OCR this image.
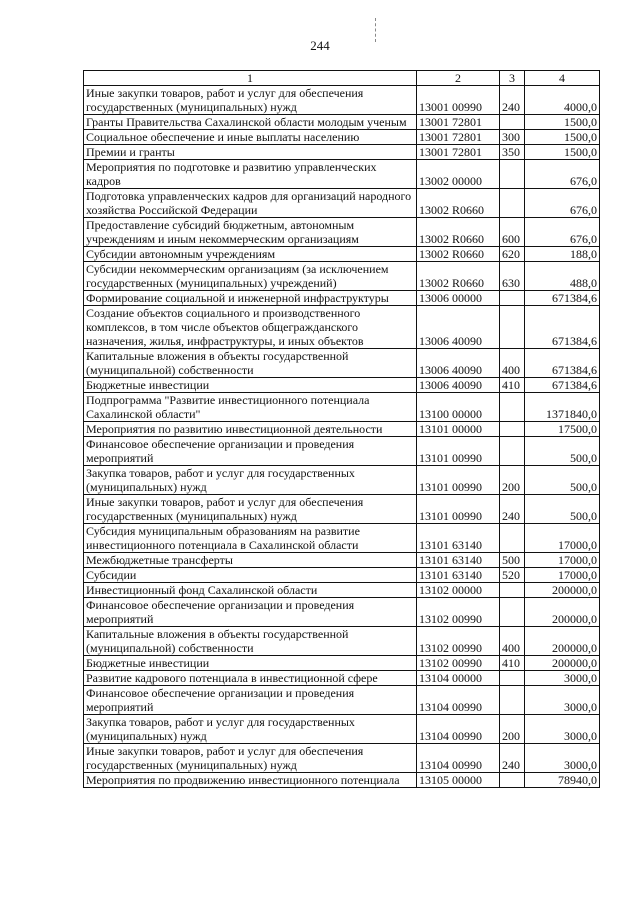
244
1	2	3	4
Иные закупки товаров, работ и услуг для обеспечения государственных (муниципальных) нужд	13001 00990	240	4000,0
Гранты Правительства Сахалинской области молодым ученым	13001 72801		1500,0
Социальное обеспечение и иные выплаты населению	13001 72801	300	1500,0
Премии и гранты	13001 72801	350	1500,0
Мероприятия по подготовке и развитию управленческих кадров	13002 00000		676,0
Подготовка управленческих кадров для организаций народного хозяйства Российской Федерации	13002 R0660		676,0
Предоставление субсидий бюджетным, автономным учреждениям и иным некоммерческим организациям	13002 R0660	600	676,0
Субсидии автономным учреждениям	13002 R0660	620	188,0
Субсидии некоммерческим организациям (за исключением государственных (муниципальных) учреждений)	13002 R0660	630	488,0
Формирование социальной и инженерной инфраструктуры	13006 00000		671384,6
Создание объектов социального и производственного комплексов, в том числе объектов общегражданского назначения, жилья, инфраструктуры, и иных объектов	13006 40090		671384,6
Капитальные вложения в объекты государственной (муниципальной) собственности	13006 40090	400	671384,6
Бюджетные инвестиции	13006 40090	410	671384,6
Подпрограмма "Развитие инвестиционного потенциала Сахалинской области"	13100 00000		1371840,0
Мероприятия по развитию инвестиционной деятельности	13101 00000		17500,0
Финансовое обеспечение организации и проведения мероприятий	13101 00990		500,0
Закупка товаров, работ и услуг для государственных (муниципальных) нужд	13101 00990	200	500,0
Иные закупки товаров, работ и услуг для обеспечения государственных (муниципальных) нужд	13101 00990	240	500,0
Субсидия муниципальным образованиям на развитие инвестиционного потенциала в Сахалинской области	13101 63140		17000,0
Межбюджетные трансферты	13101 63140	500	17000,0
Субсидии	13101 63140	520	17000,0
Инвестиционный фонд Сахалинской области	13102 00000		200000,0
Финансовое обеспечение организации и проведения мероприятий	13102 00990		200000,0
Капитальные вложения в объекты государственной (муниципальной) собственности	13102 00990	400	200000,0
Бюджетные инвестиции	13102 00990	410	200000,0
Развитие кадрового потенциала в инвестиционной сфере	13104 00000		3000,0
Финансовое обеспечение организации и проведения мероприятий	13104 00990		3000,0
Закупка товаров, работ и услуг для государственных (муниципальных) нужд	13104 00990	200	3000,0
Иные закупки товаров, работ и услуг для обеспечения государственных (муниципальных) нужд	13104 00990	240	3000,0
Мероприятия по продвижению инвестиционного потенциала	13105 00000		78940,0
